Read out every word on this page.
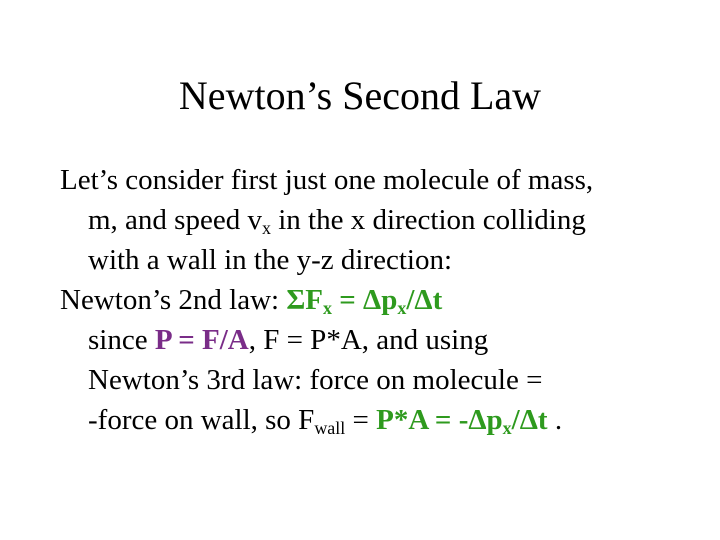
Newton’s Second Law
Let’s consider first just one molecule of mass,
m, and speed $v_x$ in the x direction colliding
with a wall in the y-z direction:
Newton’s 2nd law: $\Sigma F_x = \Delta p_x/\Delta t$
since P = F/A, F = P*A, and using
Newton’s 3rd law: force on molecule =
-force on wall, so $F_{wall} = P*A = -\Delta p_x/\Delta t$ .
